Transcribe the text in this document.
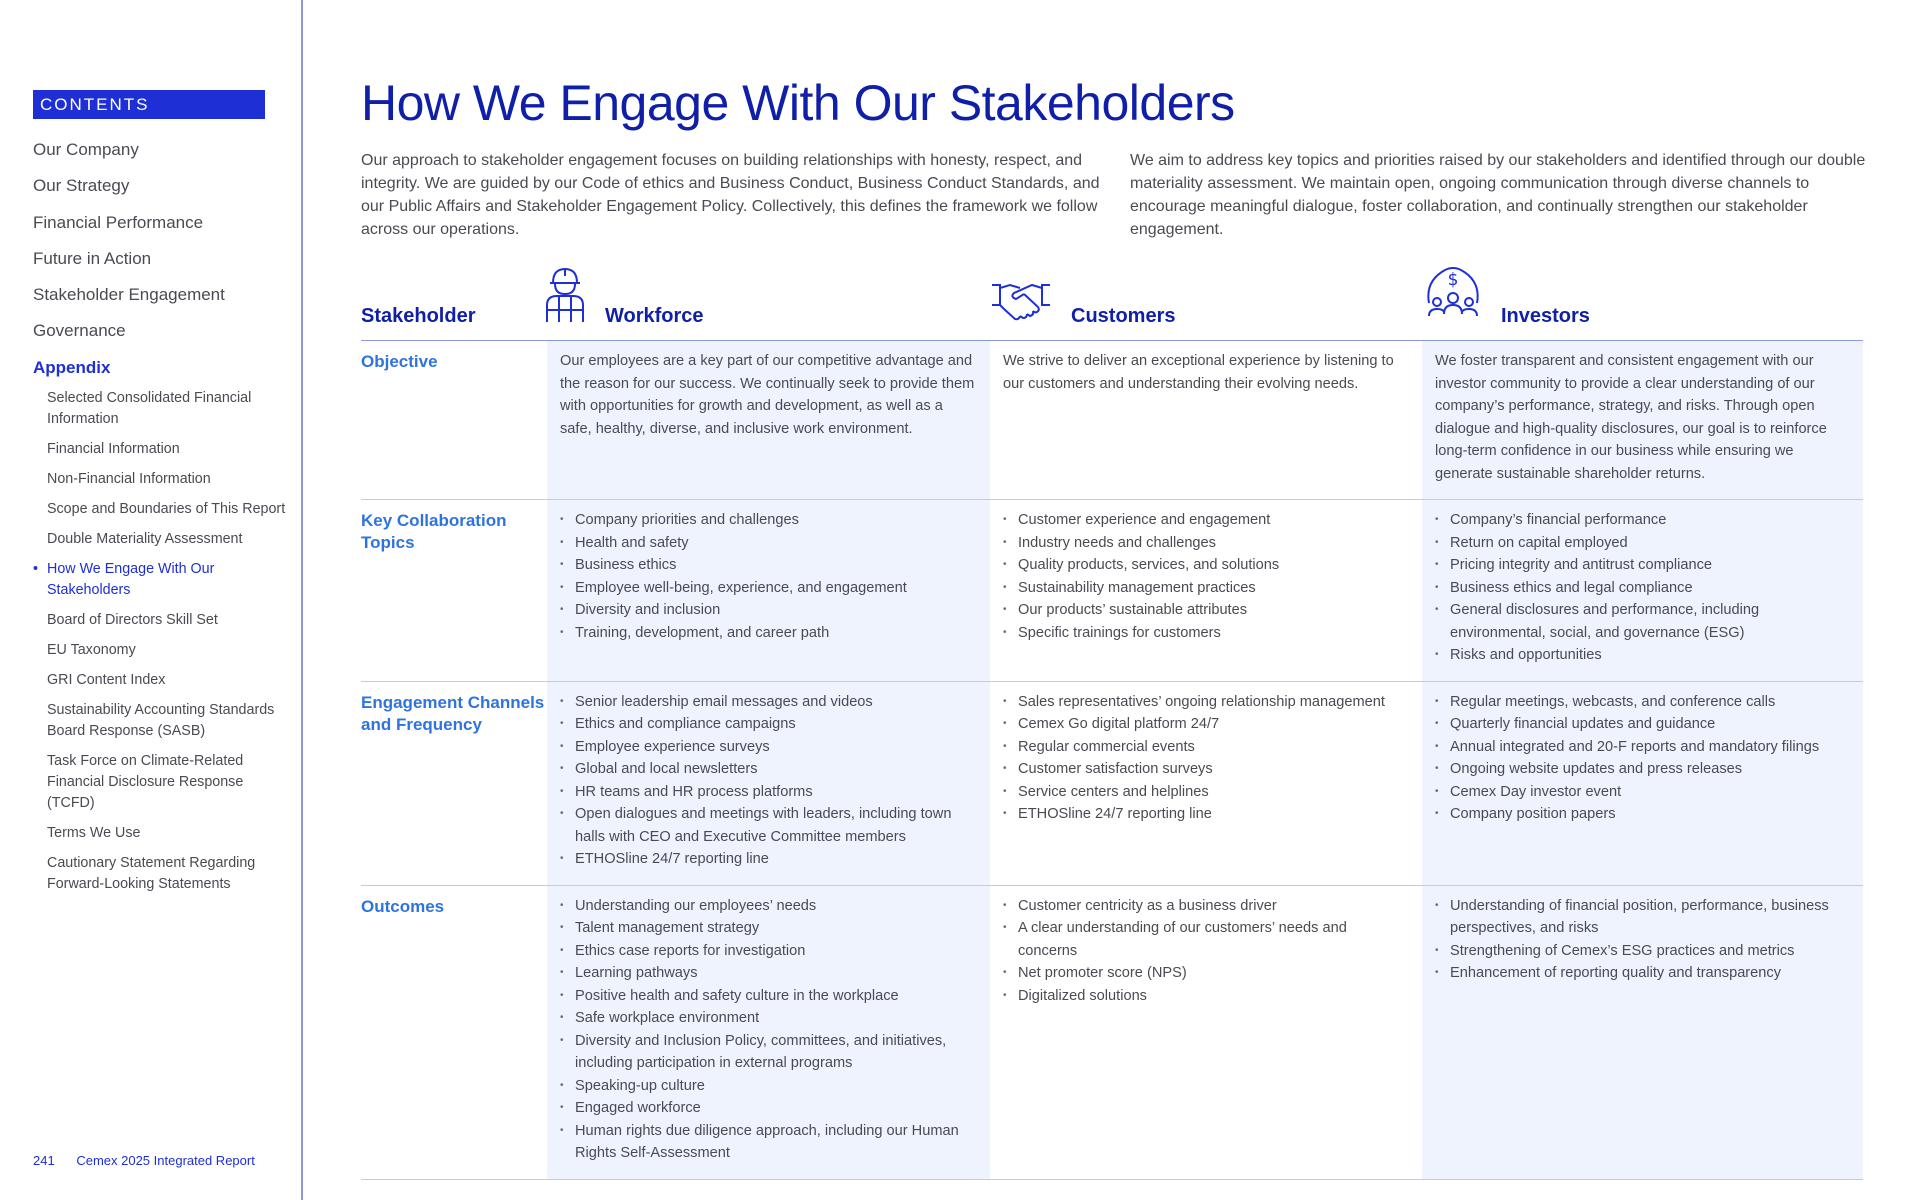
CONTENTS
Our Company
Our Strategy
Financial Performance
Future in Action
Stakeholder Engagement
Governance
Appendix
Selected Consolidated Financial Information
Financial Information
Non-Financial Information
Scope and Boundaries of This Report
Double Materiality Assessment
• How We Engage With Our Stakeholders
Board of Directors Skill Set
EU Taxonomy
GRI Content Index
Sustainability Accounting Standards Board Response (SASB)
Task Force on Climate-Related Financial Disclosure Response (TCFD)
Terms We Use
Cautionary Statement Regarding Forward-Looking Statements
241 Cemex 2025 Integrated Report
How We Engage With Our Stakeholders

Our approach to stakeholder engagement focuses on building relationships with honesty, respect, and integrity. We are guided by our Code of ethics and Business Conduct, Business Conduct Standards, and our Public Affairs and Stakeholder Engagement Policy. Collectively, this defines the framework we follow across our operations.

We aim to address key topics and priorities raised by our stakeholders and identified through our double materiality assessment. We maintain open, ongoing communication through diverse channels to encourage meaningful dialogue, foster collaboration, and continually strengthen our stakeholder engagement.

Stakeholder	Workforce	Customers
$
Investors
Objective	Our employees are a key part of our competitive advantage and the reason for our success. We continually seek to provide them with opportunities for growth and development, as well as a safe, healthy, diverse, and inclusive work environment.

We strive to deliver an exceptional experience by listening to our customers and understanding their evolving needs.

We foster transparent and consistent engagement with our investor community to provide a clear understanding of our company’s performance, strategy, and risks. Through open dialogue and high-quality disclosures, our goal is to reinforce long-term confidence in our business while ensuring we generate sustainable shareholder returns.

Key Collaboration Topics
• Company priorities and challenges
• Health and safety
• Business ethics
• Employee well-being, experience, and engagement
• Diversity and inclusion
• Training, development, and career path
• Customer experience and engagement
• Industry needs and challenges
• Quality products, services, and solutions
• Sustainability management practices
• Our products’ sustainable attributes
• Specific trainings for customers
• Company’s financial performance
• Return on capital employed
• Pricing integrity and antitrust compliance
• Business ethics and legal compliance
• General disclosures and performance, including environmental, social, and governance (ESG)
• Risks and opportunities
Engagement Channels and Frequency
• Senior leadership email messages and videos
• Ethics and compliance campaigns
• Employee experience surveys
• Global and local newsletters
• HR teams and HR process platforms
• Open dialogues and meetings with leaders, including town halls with CEO and Executive Committee members
• ETHOSline 24/7 reporting line
• Sales representatives’ ongoing relationship management
• Cemex Go digital platform 24/7
• Regular commercial events
• Customer satisfaction surveys
• Service centers and helplines
• ETHOSline 24/7 reporting line
• Regular meetings, webcasts, and conference calls
• Quarterly financial updates and guidance
• Annual integrated and 20-F reports and mandatory filings
• Ongoing website updates and press releases
• Cemex Day investor event
• Company position papers
Outcomes
•	Understanding our employees’ needs
• Talent management strategy
• Ethics case reports for investigation
• Learning pathways
• Positive health and safety culture in the workplace
• Safe workplace environment
• Diversity and Inclusion Policy, committees, and initiatives, including participation in external programs
• Speaking-up culture
• Engaged workforce
• Human rights due diligence approach, including our Human Rights Self-Assessment
• Customer centricity as a business driver
• A clear understanding of our customers’ needs and concerns
• Net promoter score (NPS)
• Digitalized solutions
• Understanding of financial position, performance, business perspectives, and risks
• Strengthening of Cemex’s ESG practices and metrics
• Enhancement of reporting quality and transparency
